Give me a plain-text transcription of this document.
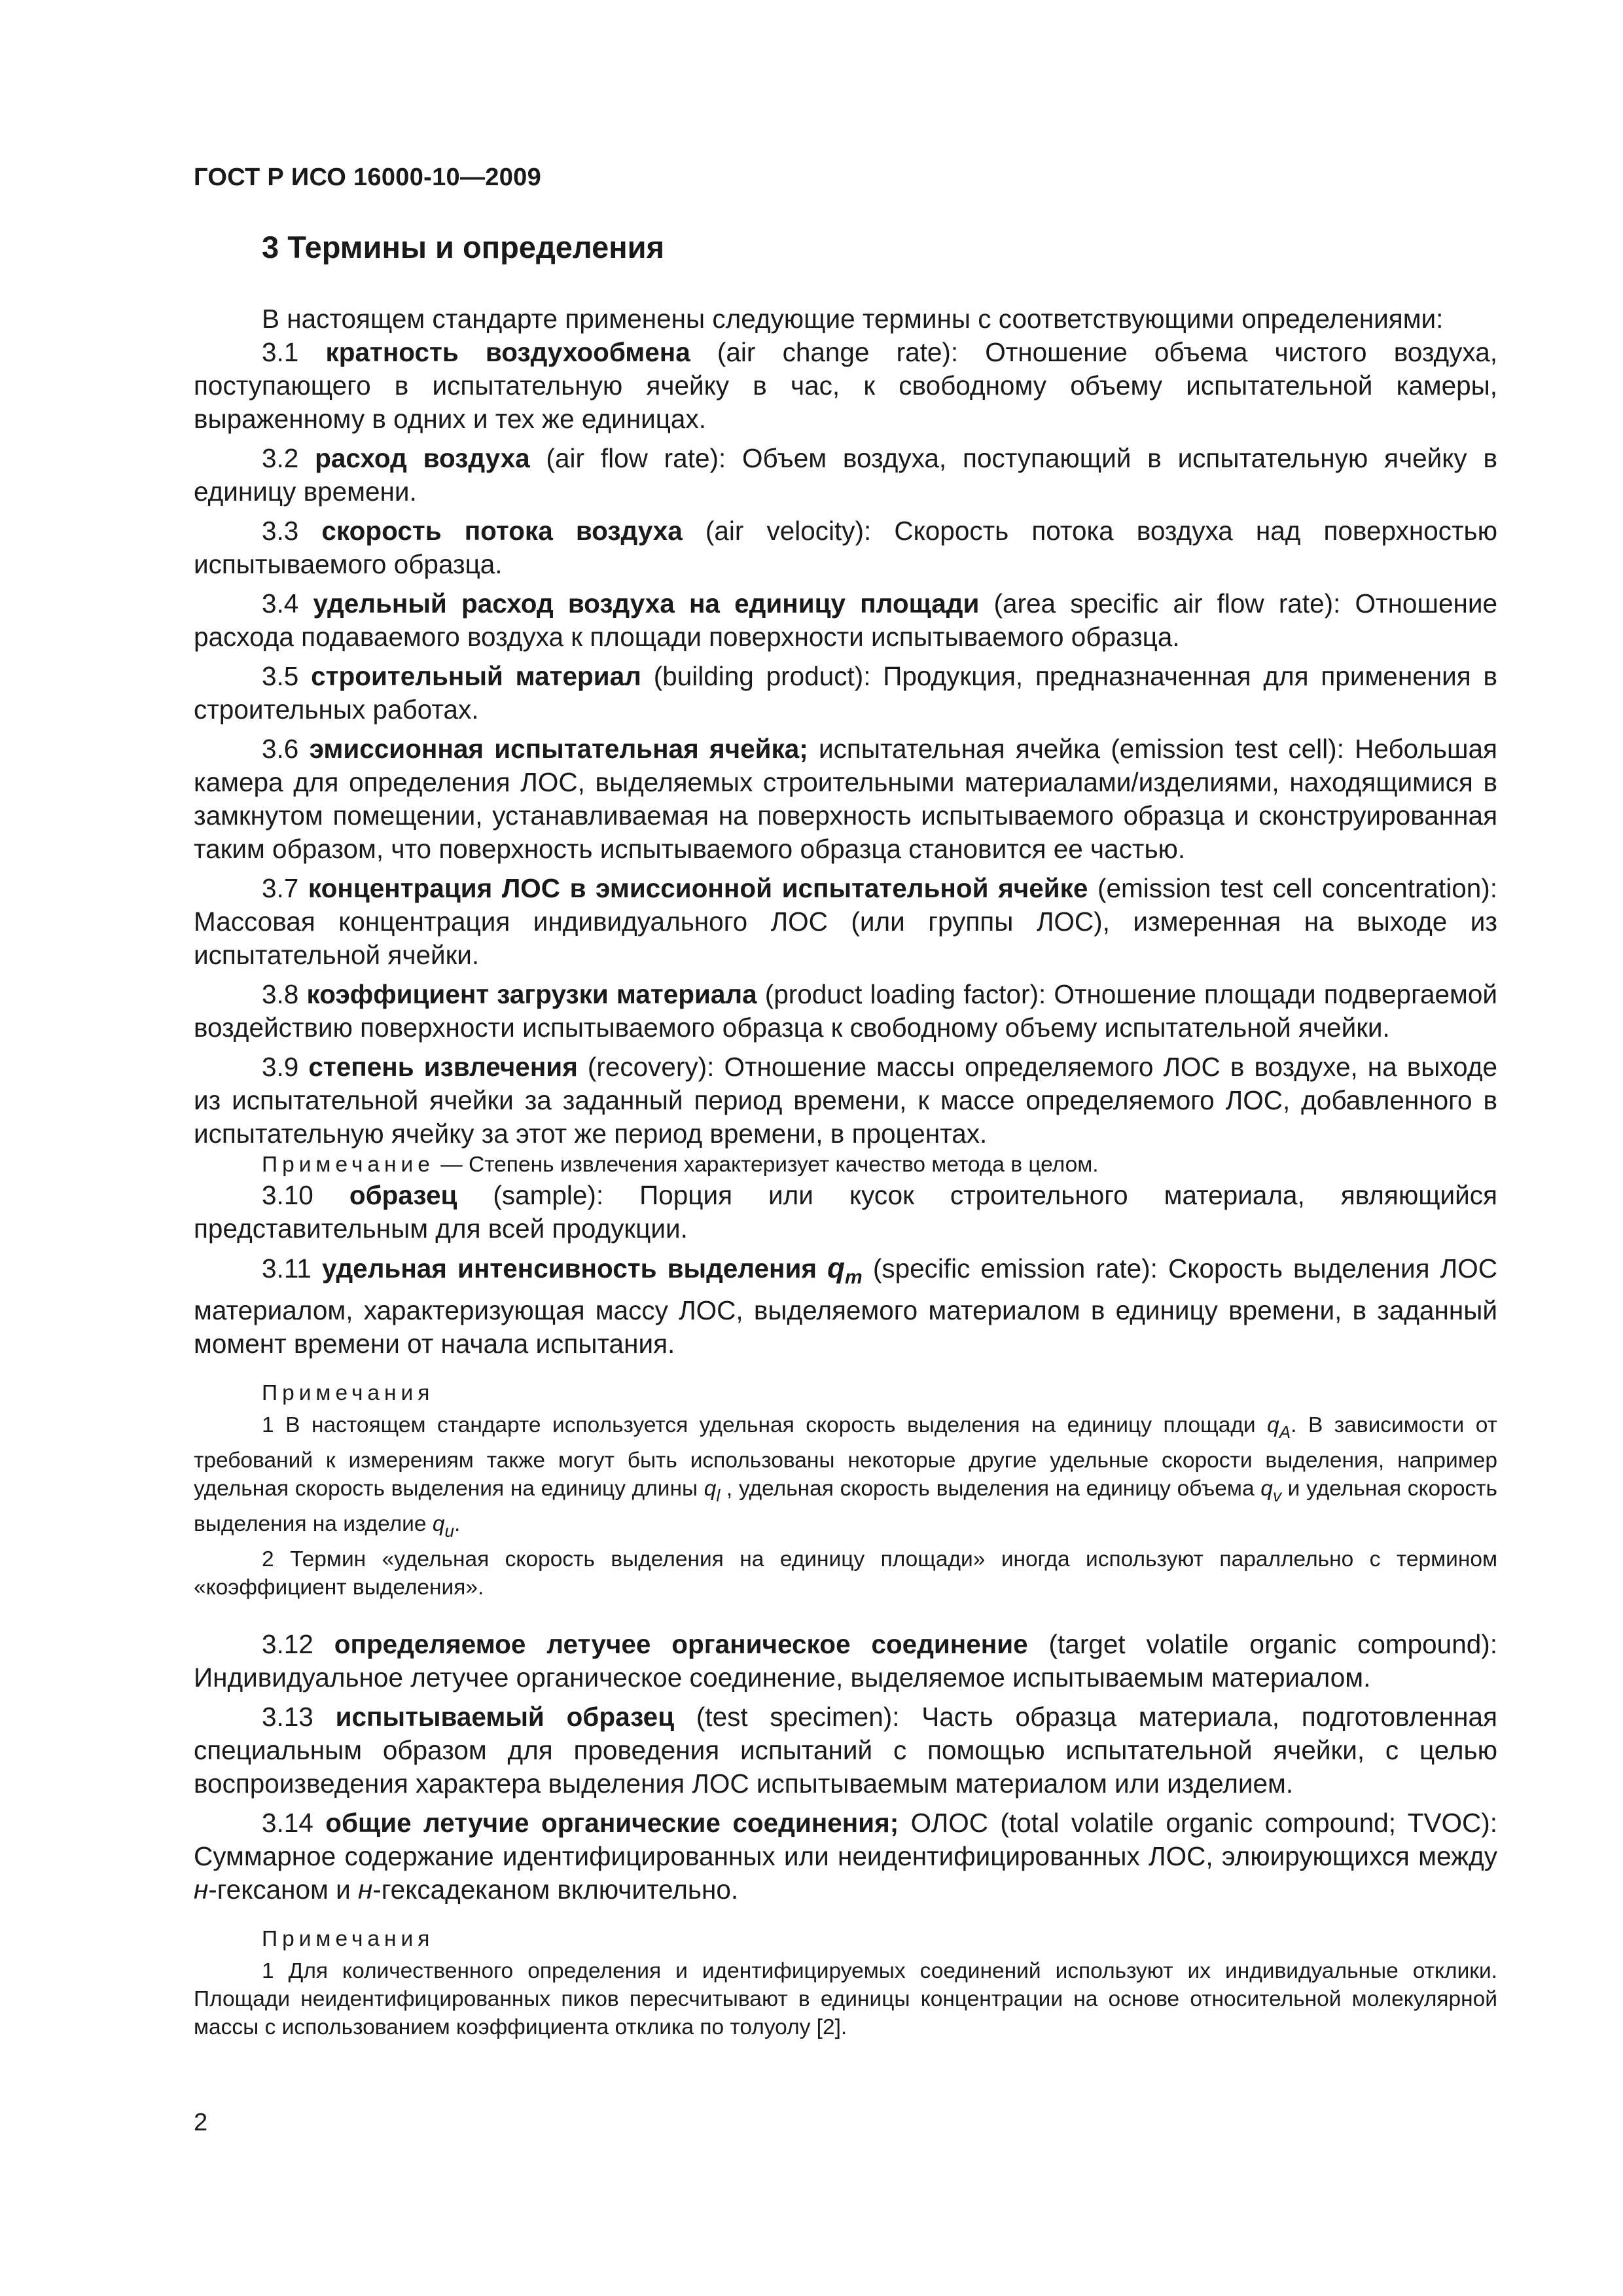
ГОСТ Р ИСО 16000-10—2009
3 Термины и определения

В настоящем стандарте применены следующие термины с соответствующими определениями:

3.1 кратность воздухообмена (air change rate): Отношение объема чистого воздуха, поступающего в испытательную ячейку в час, к свободному объему испытательной камеры, выраженному в одних и тех же единицах.

3.2 расход воздуха (air flow rate): Объем воздуха, поступающий в испытательную ячейку в единицу времени.

3.3 скорость потока воздуха (air velocity): Скорость потока воздуха над поверхностью испытываемого образца.

3.4 удельный расход воздуха на единицу площади (area specific air flow rate): Отношение расхода подаваемого воздуха к площади поверхности испытываемого образца.

3.5 строительный материал (building product): Продукция, предназначенная для применения в строительных работах.

3.6 эмиссионная испытательная ячейка; испытательная ячейка (emission test cell): Небольшая камера для определения ЛОС, выделяемых строительными материалами/изделиями, находящимися в замкнутом помещении, устанавливаемая на поверхность испытываемого образца и сконструированная таким образом, что поверхность испытываемого образца становится ее частью.

3.7 концентрация ЛОС в эмиссионной испытательной ячейке (emission test cell concentration): Массовая концентрация индивидуального ЛОС (или группы ЛОС), измеренная на выходе из испытательной ячейки.

3.8 коэффициент загрузки материала (product loading factor): Отношение площади подвергаемой воздействию поверхности испытываемого образца к свободному объему испытательной ячейки.

3.9 степень извлечения (recovery): Отношение массы определяемого ЛОС в воздухе, на выходе из испытательной ячейки за заданный период времени, к массе определяемого ЛОС, добавленного в испытательную ячейку за этот же период времени, в процентах.

Примечание — Степень извлечения характеризует качество метода в целом.

3.10 образец (sample): Порция или кусок строительного материала, являющийся представительным для всей продукции.

3.11 удельная интенсивность выделения $q_m$ (specific emission rate): Скорость выделения ЛОС материалом, характеризующая массу ЛОС, выделяемого материалом в единицу времени, в заданный момент времени от начала испытания.

Примечания

1 В настоящем стандарте используется удельная скорость выделения на единицу площади $q_A$. В зависимости от требований к измерениям также могут быть использованы некоторые другие удельные скорости выделения, например удельная скорость выделения на единицу длины $q_l$ , удельная скорость выделения на единицу объема $q_v$ и удельная скорость выделения на изделие $q_u$.

2 Термин «удельная скорость выделения на единицу площади» иногда используют параллельно с термином «коэффициент выделения».

3.12 определяемое летучее органическое соединение (target volatile organic compound): Индивидуальное летучее органическое соединение, выделяемое испытываемым материалом.

3.13 испытываемый образец (test specimen): Часть образца материала, подготовленная специальным образом для проведения испытаний с помощью испытательной ячейки, с целью воспроизведения характера выделения ЛОС испытываемым материалом или изделием.

3.14 общие летучие органические соединения; ОЛОС (total volatile organic compound; TVOC): Суммарное содержание идентифицированных или неидентифицированных ЛОС, элюирующихся между н-гексаном и н-гексадеканом включительно.

Примечания

1 Для количественного определения и идентифицируемых соединений используют их индивидуальные отклики. Площади неидентифицированных пиков пересчитывают в единицы концентрации на основе относительной молекулярной массы с использованием коэффициента отклика по толуолу [2].

2
